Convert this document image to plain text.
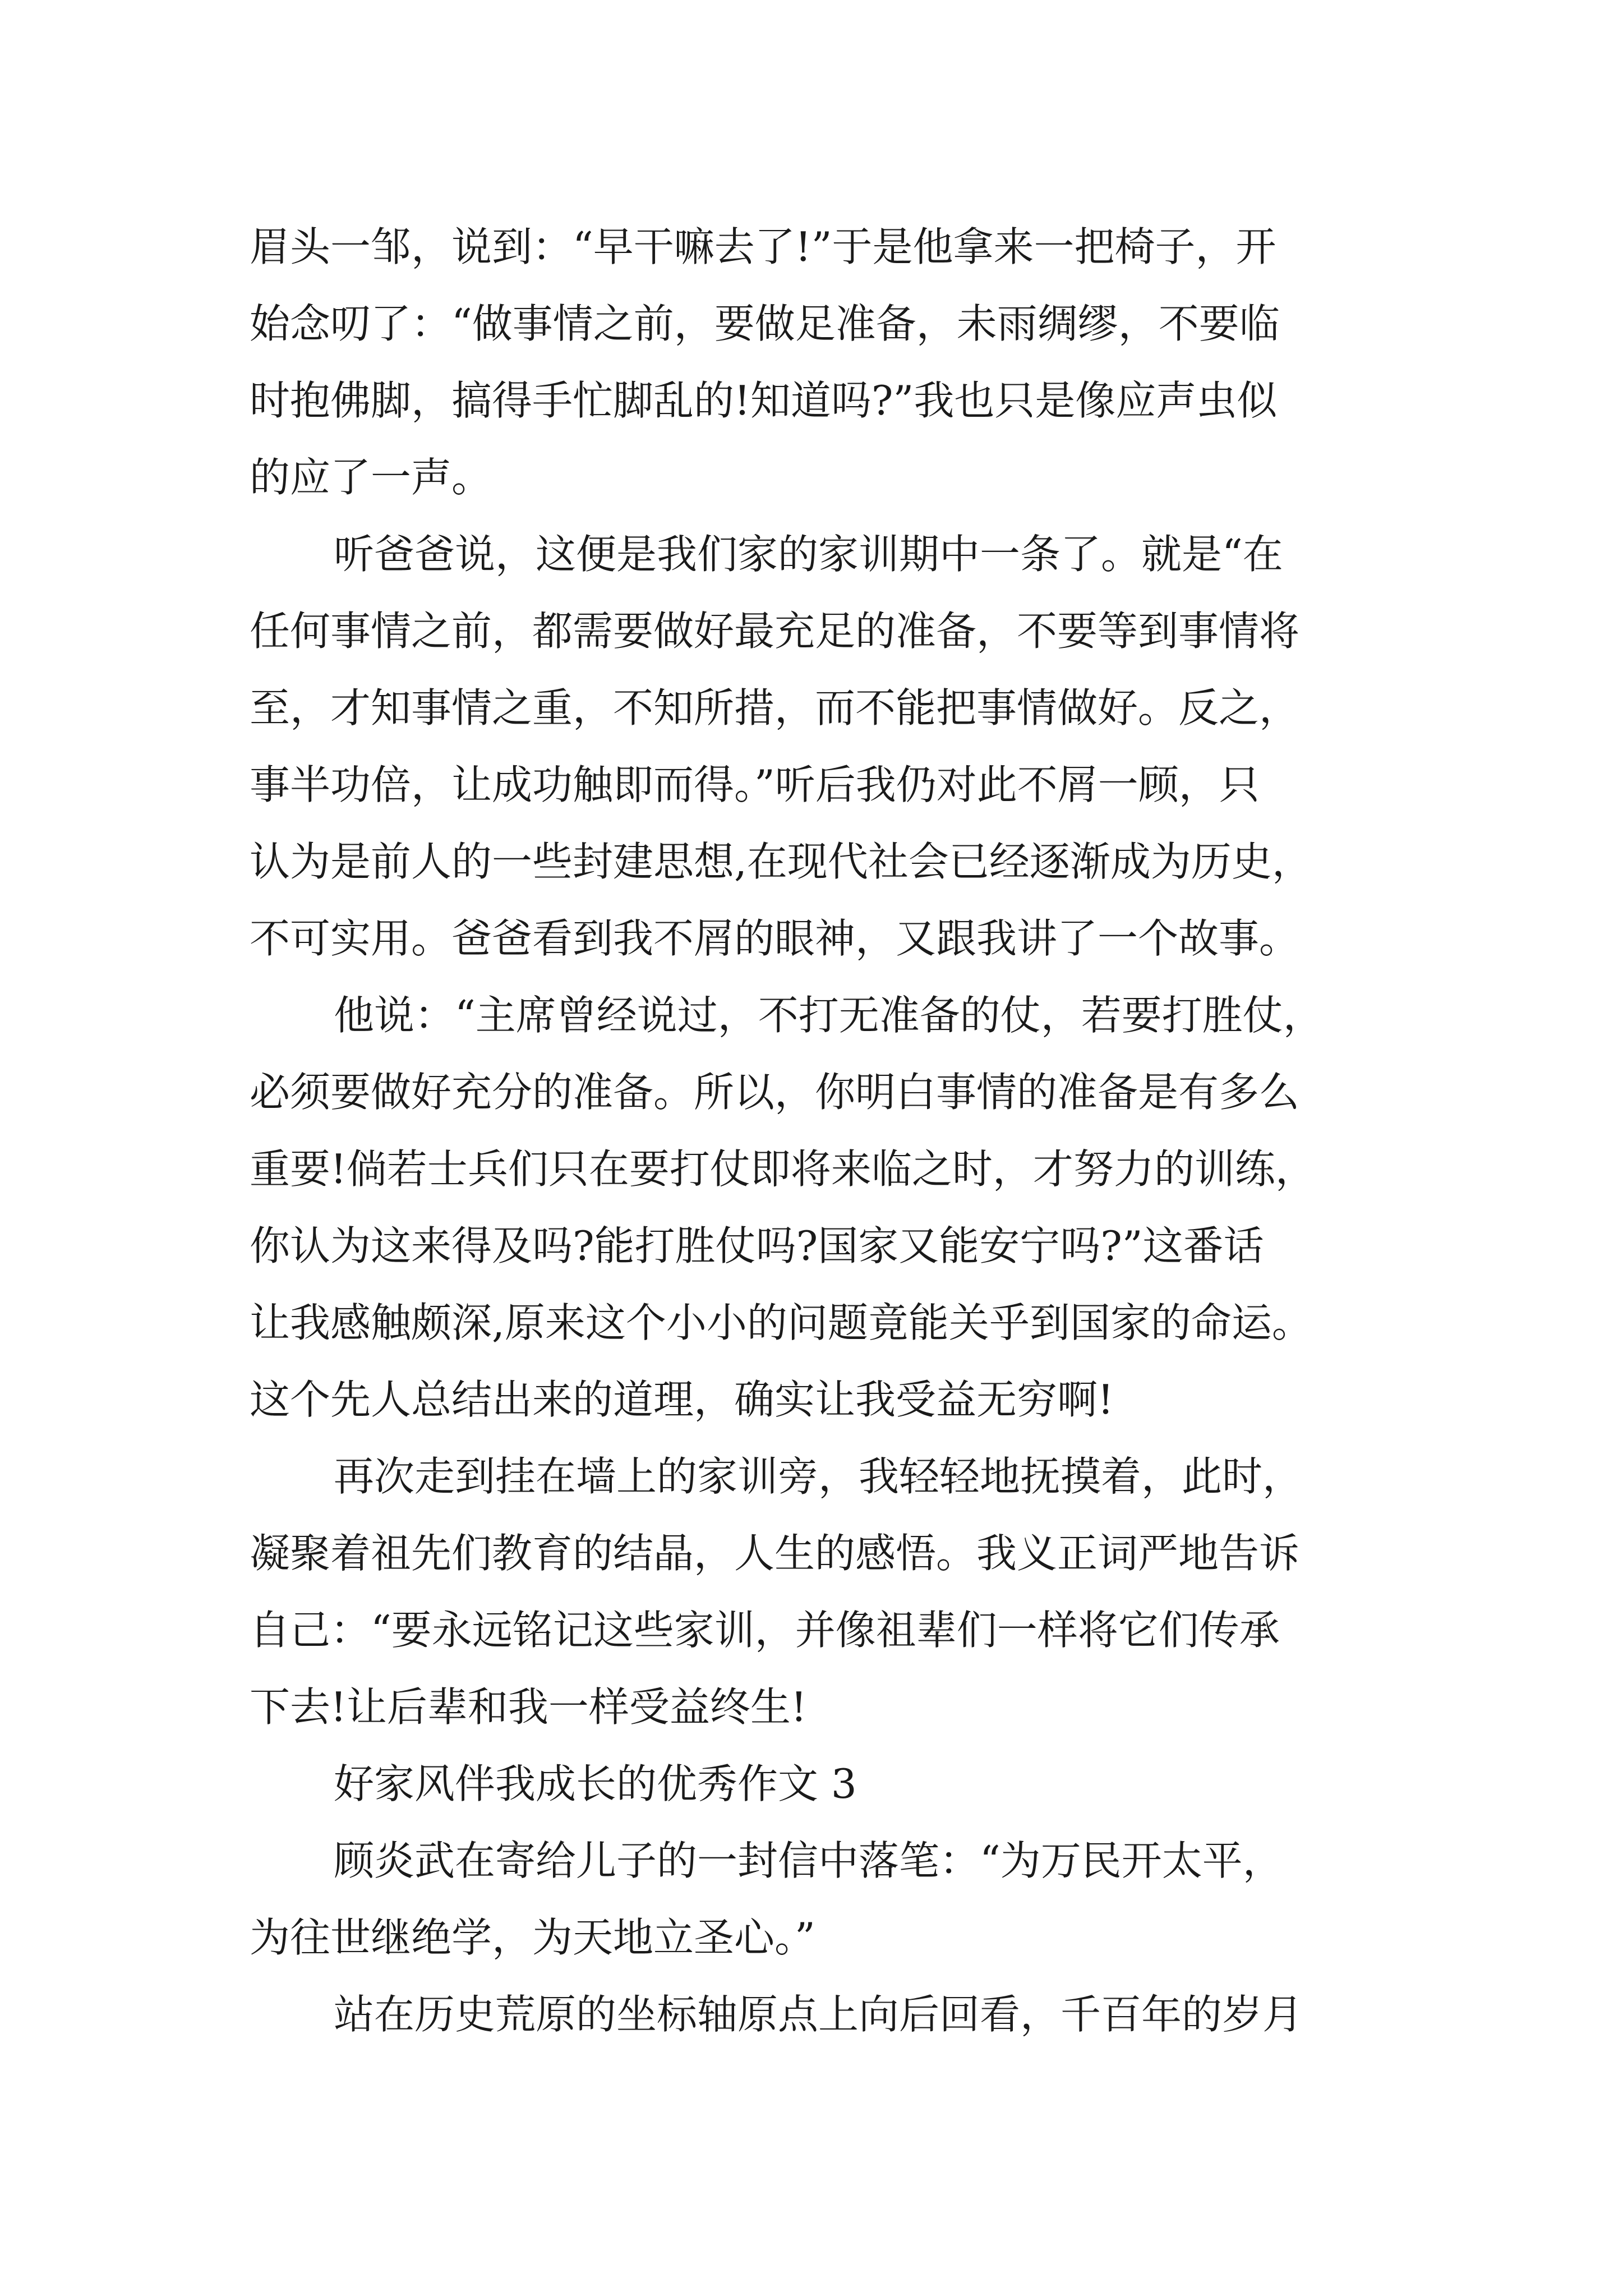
眉头一邹，说到：“早干嘛去了!”于是他拿来一把椅子，开
始念叨了：“做事情之前，要做足准备，未雨绸缪，不要临
时抱佛脚，搞得手忙脚乱的!知道吗?”我也只是像应声虫似
的应了一声。
听爸爸说，这便是我们家的家训期中一条了。就是“在
任何事情之前，都需要做好最充足的准备，不要等到事情将
至，才知事情之重，不知所措，而不能把事情做好。反之，
事半功倍，让成功触即而得。”听后我仍对此不屑一顾，只
认为是前人的一些封建思想,在现代社会已经逐渐成为历史，
不可实用。爸爸看到我不屑的眼神，又跟我讲了一个故事。
他说：“主席曾经说过，不打无准备的仗，若要打胜仗，
必须要做好充分的准备。所以，你明白事情的准备是有多么
重要!倘若士兵们只在要打仗即将来临之时，才努力的训练，
你认为这来得及吗?能打胜仗吗?国家又能安宁吗?”这番话
让我感触颇深,原来这个小小的问题竟能关乎到国家的命运。
这个先人总结出来的道理，确实让我受益无穷啊!
再次走到挂在墙上的家训旁，我轻轻地抚摸着，此时，
凝聚着祖先们教育的结晶，人生的感悟。我义正词严地告诉
自己：“要永远铭记这些家训，并像祖辈们一样将它们传承
下去!让后辈和我一样受益终生!
好家风伴我成长的优秀作文 3
顾炎武在寄给儿子的一封信中落笔：“为万民开太平，
为往世继绝学，为天地立圣心。”
站在历史荒原的坐标轴原点上向后回看，千百年的岁月
